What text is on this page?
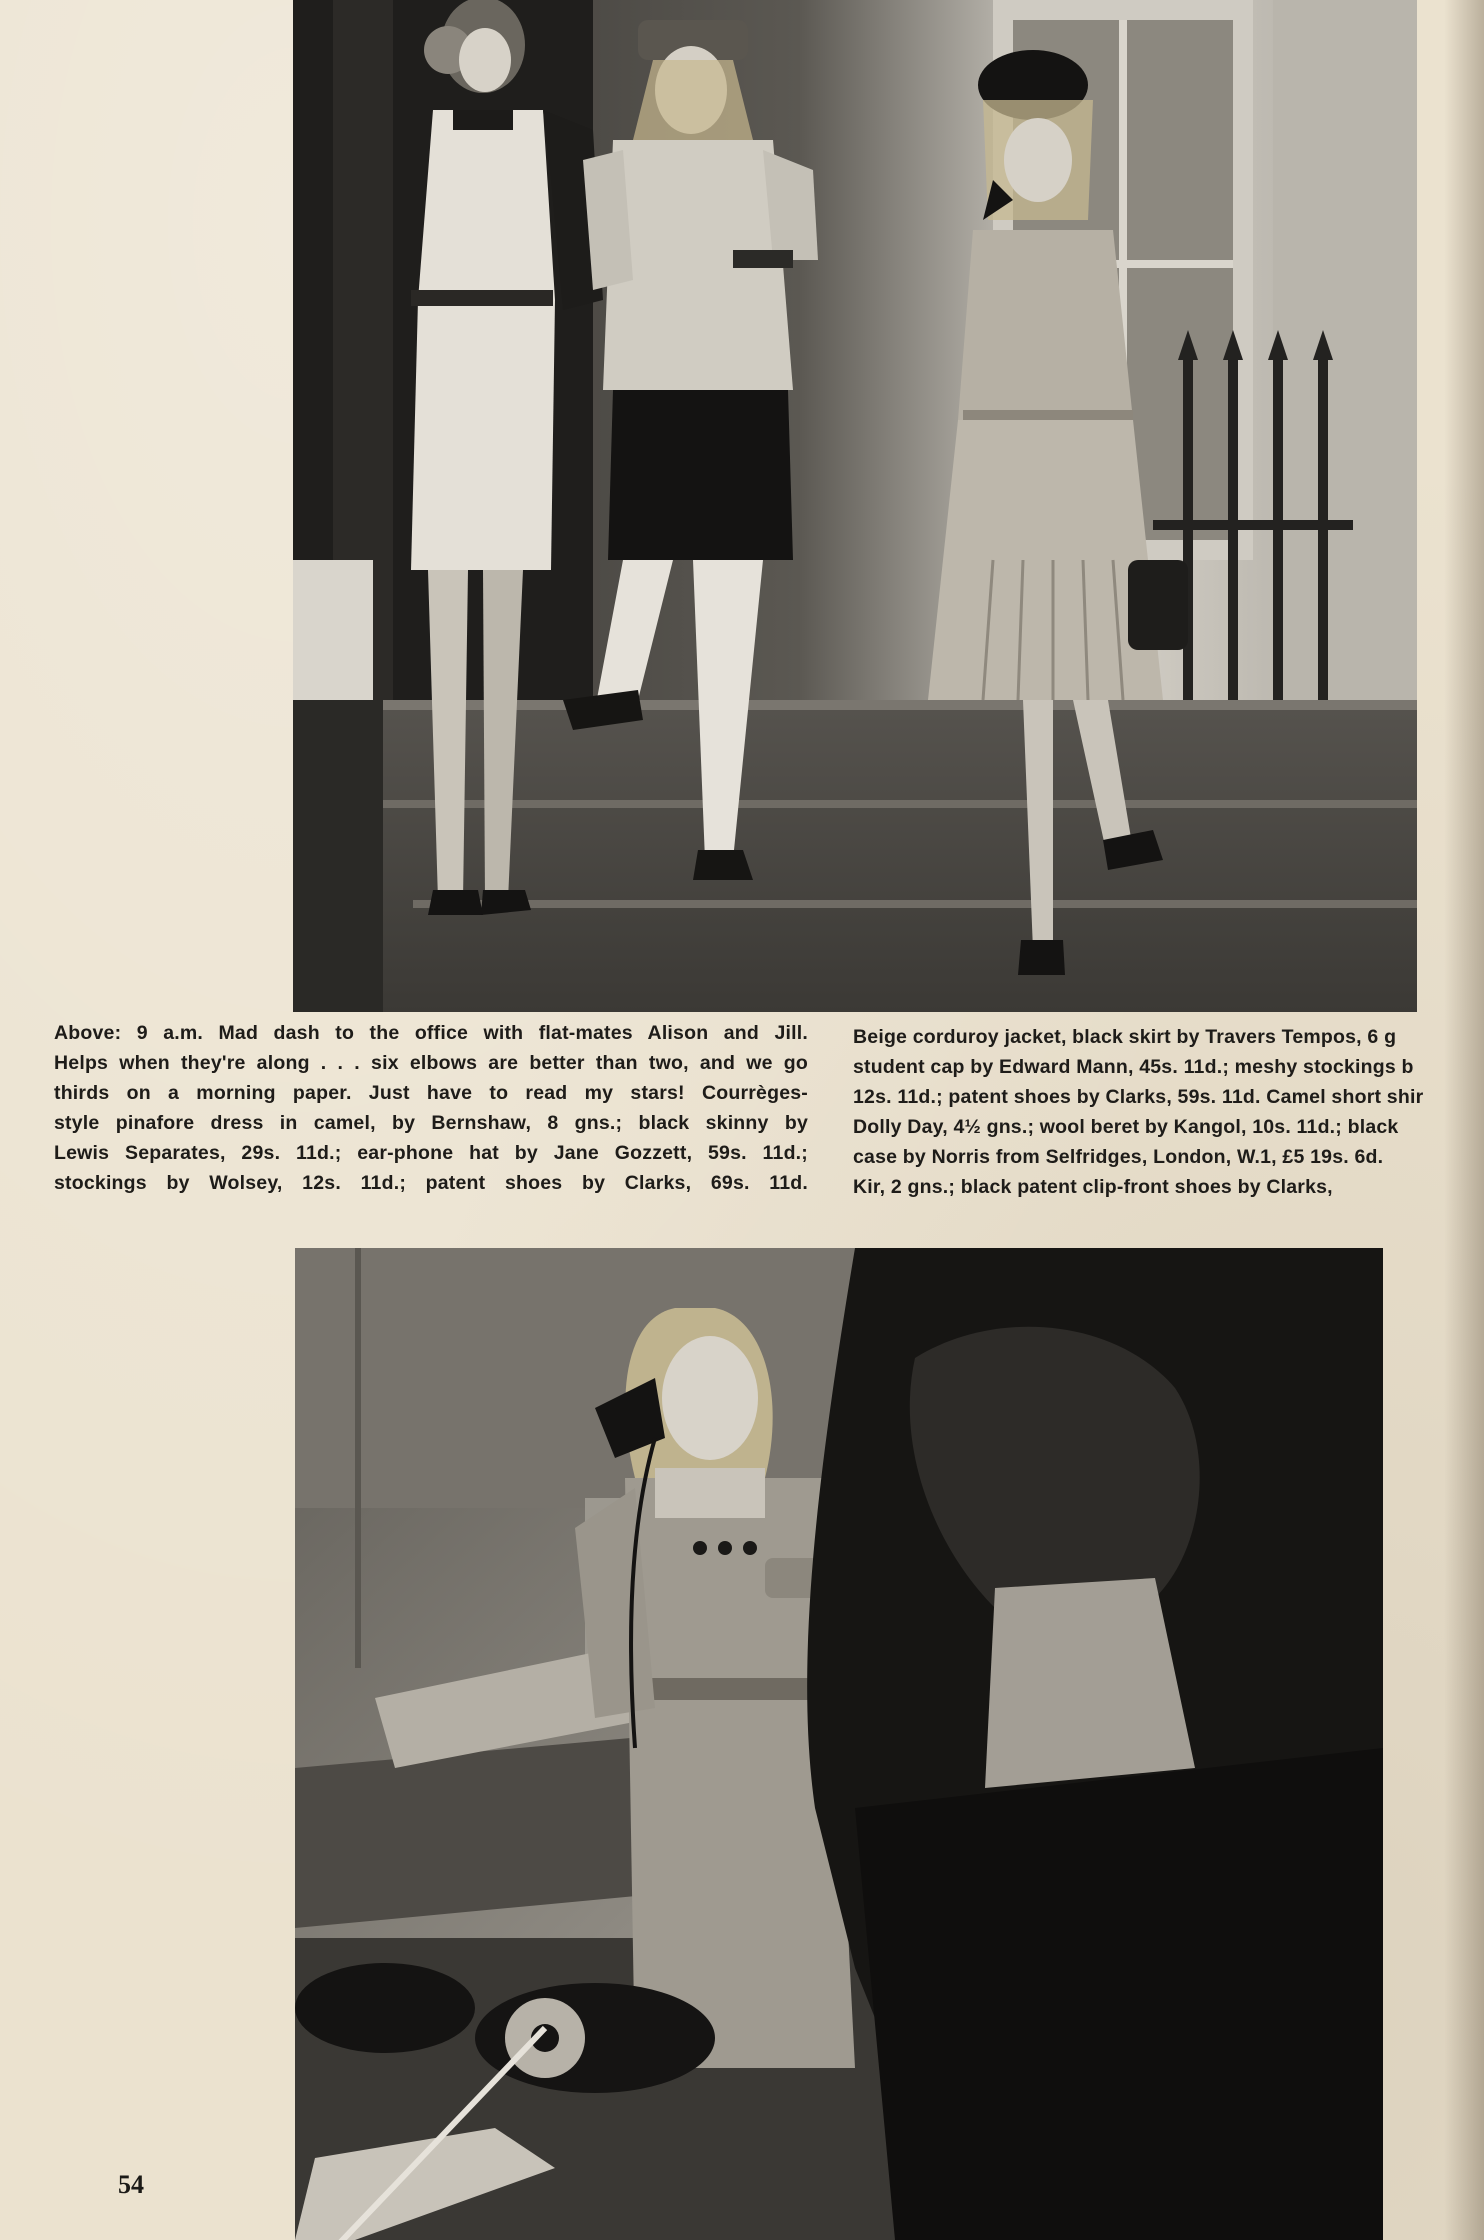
Above: 9 a.m. Mad dash to the office with flat-mates Alison and Jill.
Helps when they're along . . . six elbows are better than two, and we go
thirds on a morning paper. Just have to read my stars! Courrèges-
style pinafore dress in camel, by Bernshaw, 8 gns.; black skinny by
Lewis Separates, 29s. 11d.; ear-phone hat by Jane Gozzett, 59s. 11d.;
stockings by Wolsey, 12s. 11d.; patent shoes by Clarks, 69s. 11d.
Beige corduroy jacket, black skirt by Travers Tempos, 6 g
student cap by Edward Mann, 45s. 11d.; meshy stockings b
12s. 11d.; patent shoes by Clarks, 59s. 11d. Camel short shir
Dolly Day, 4½ gns.; wool beret by Kangol, 10s. 11d.; black
case by Norris from Selfridges, London, W.1, £5 19s. 6d.
Kir, 2 gns.; black patent clip-front shoes by Clarks,
54
